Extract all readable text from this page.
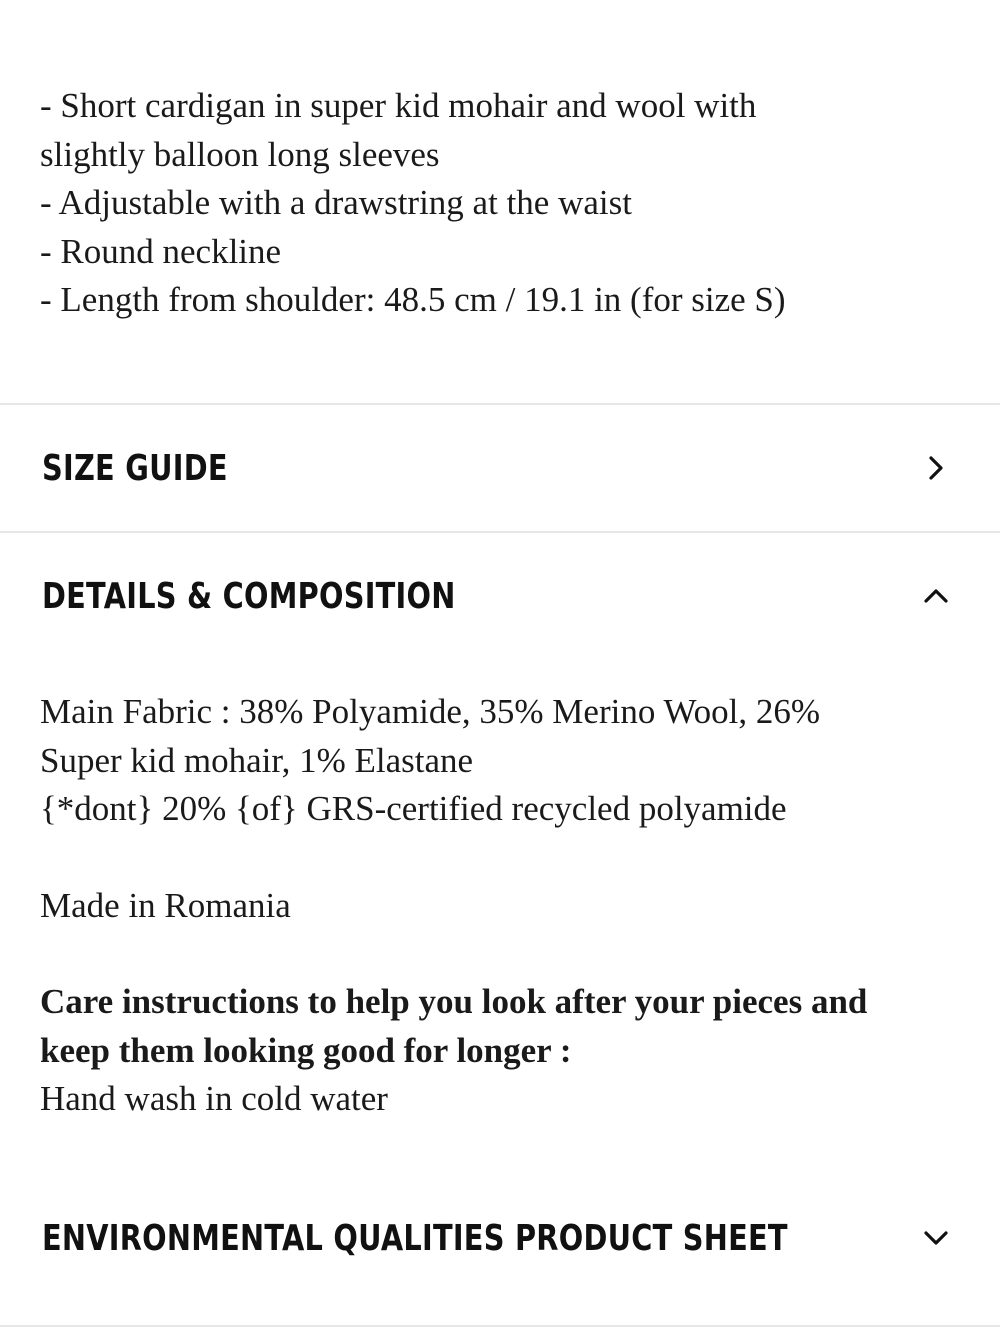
- Short cardigan in super kid mohair and wool with
slightly balloon long sleeves
- Adjustable with a drawstring at the waist
- Round neckline
- Length from shoulder: 48.5 cm / 19.1 in (for size S)
SIZE GUIDE
DETAILS & COMPOSITION
Main Fabric : 38% Polyamide, 35% Merino Wool, 26%
Super kid mohair, 1% Elastane
{*dont} 20% {of} GRS-certified recycled polyamide
Made in Romania
Care instructions to help you look after your pieces and
keep them looking good for longer :
Hand wash in cold water
ENVIRONMENTAL QUALITIES PRODUCT SHEET
